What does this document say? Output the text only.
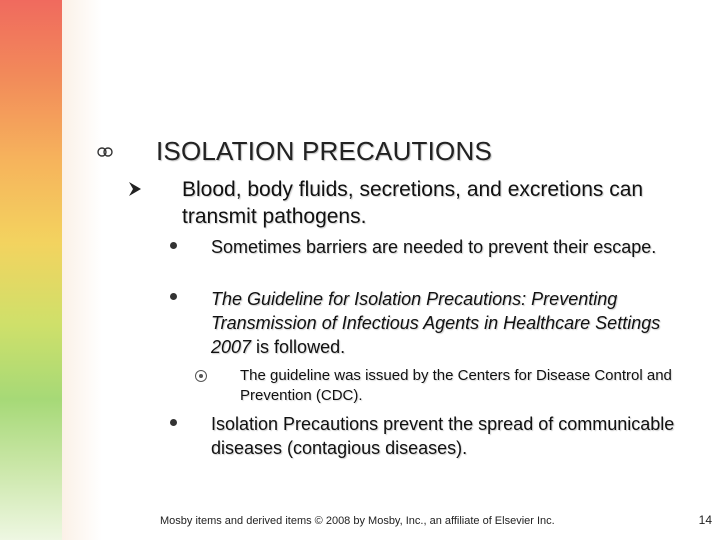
ISOLATION PRECAUTIONS
Blood, body fluids, secretions, and excretions can transmit pathogens.
Sometimes barriers are needed to prevent their escape.
The Guideline for Isolation Precautions: Preventing Transmission of Infectious Agents in Healthcare Settings 2007 is followed.
The guideline was issued by the Centers for Disease Control and Prevention (CDC).
Isolation Precautions prevent the spread of communicable diseases (contagious diseases).
Mosby items and derived items © 2008 by Mosby, Inc., an affiliate of Elsevier Inc.	14
